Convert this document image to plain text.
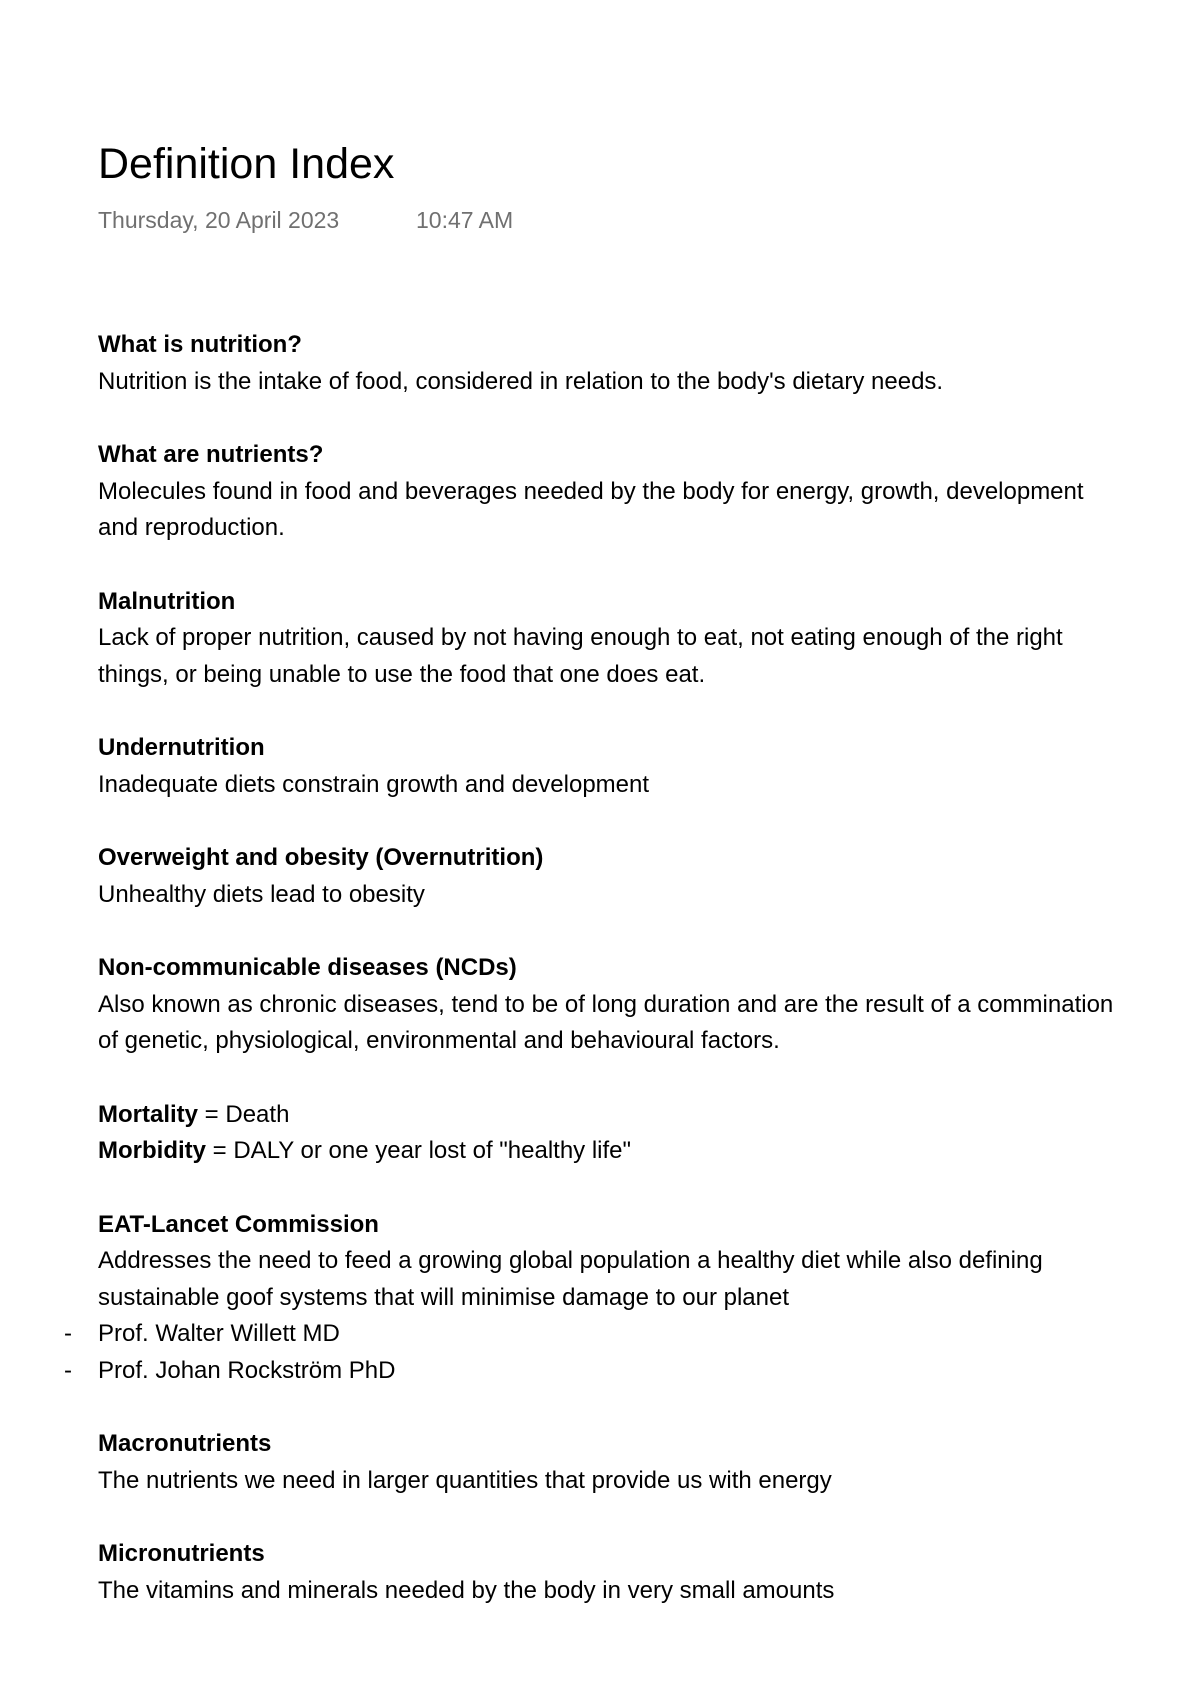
Definition Index
Thursday, 20 April 2023	10:47 AM
What is nutrition?
Nutrition is the intake of food, considered in relation to the body's dietary needs.
What are nutrients?
Molecules found in food and beverages needed by the body for energy, growth, development and reproduction.
Malnutrition
Lack of proper nutrition, caused by not having enough to eat, not eating enough of the right things, or being unable to use the food that one does eat.
Undernutrition
Inadequate diets constrain growth and development
Overweight and obesity (Overnutrition)
Unhealthy diets lead to obesity
Non-communicable diseases (NCDs)
Also known as chronic diseases, tend to be of long duration and are the result of a commination of genetic, physiological, environmental and behavioural factors.
Mortality = Death
Morbidity = DALY or one year lost of "healthy life"
EAT-Lancet Commission
Addresses the need to feed a growing global population a healthy diet while also defining sustainable goof systems that will minimise damage to our planet
- Prof. Walter Willett MD
- Prof. Johan Rockström PhD
Macronutrients
The nutrients we need in larger quantities that provide us with energy
Micronutrients
The vitamins and minerals needed by the body in very small amounts
